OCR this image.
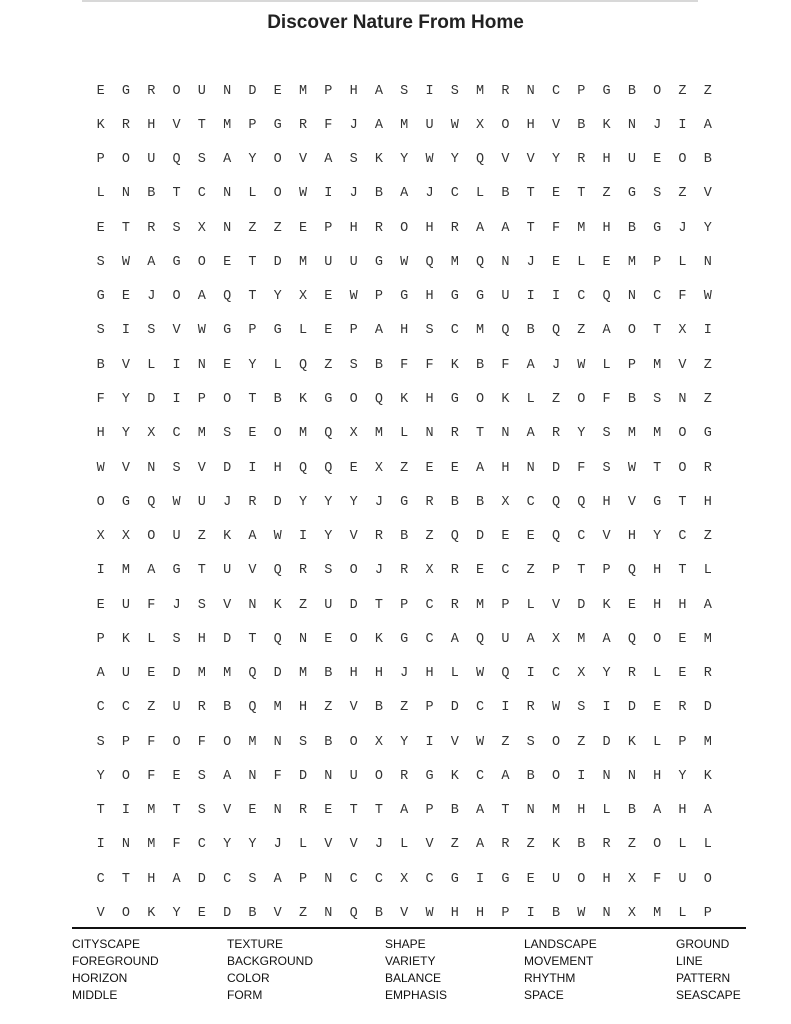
Discover Nature From Home
E	G	R	O	U	N	D	E	M	P	H	A	S	I	S	M	R	N	C	P	G	B	O	Z	Z
K	R	H	V	T	M	P	G	R	F	J	A	M	U	W	X	O	H	V	B	K	N	J	I	A
P	O	U	Q	S	A	Y	O	V	A	S	K	Y	W	Y	Q	V	V	Y	R	H	U	E	O	B
L	N	B	T	C	N	L	O	W	I	J	B	A	J	C	L	B	T	E	T	Z	G	S	Z	V
E	T	R	S	X	N	Z	Z	E	P	H	R	O	H	R	A	A	T	F	M	H	B	G	J	Y
S	W	A	G	O	E	T	D	M	U	U	G	W	Q	M	Q	N	J	E	L	E	M	P	L	N
G	E	J	O	A	Q	T	Y	X	E	W	P	G	H	G	G	U	I	I	C	Q	N	C	F	W
S	I	S	V	W	G	P	G	L	E	P	A	H	S	C	M	Q	B	Q	Z	A	O	T	X	I
B	V	L	I	N	E	Y	L	Q	Z	S	B	F	F	K	B	F	A	J	W	L	P	M	V	Z
F	Y	D	I	P	O	T	B	K	G	O	Q	K	H	G	O	K	L	Z	O	F	B	S	N	Z
H	Y	X	C	M	S	E	O	M	Q	X	M	L	N	R	T	N	A	R	Y	S	M	M	O	G
W	V	N	S	V	D	I	H	Q	Q	E	X	Z	E	E	A	H	N	D	F	S	W	T	O	R
O	G	Q	W	U	J	R	D	Y	Y	Y	J	G	R	B	B	X	C	Q	Q	H	V	G	T	H
X	X	O	U	Z	K	A	W	I	Y	V	R	B	Z	Q	D	E	E	Q	C	V	H	Y	C	Z
I	M	A	G	T	U	V	Q	R	S	O	J	R	X	R	E	C	Z	P	T	P	Q	H	T	L
E	U	F	J	S	V	N	K	Z	U	D	T	P	C	R	M	P	L	V	D	K	E	H	H	A
P	K	L	S	H	D	T	Q	N	E	O	K	G	C	A	Q	U	A	X	M	A	Q	O	E	M
A	U	E	D	M	M	Q	D	M	B	H	H	J	H	L	W	Q	I	C	X	Y	R	L	E	R
C	C	Z	U	R	B	Q	M	H	Z	V	B	Z	P	D	C	I	R	W	S	I	D	E	R	D
S	P	F	O	F	O	M	N	S	B	O	X	Y	I	V	W	Z	S	O	Z	D	K	L	P	M
Y	O	F	E	S	A	N	F	D	N	U	O	R	G	K	C	A	B	O	I	N	N	H	Y	K
T	I	M	T	S	V	E	N	R	E	T	T	A	P	B	A	T	N	M	H	L	B	A	H	A
I	N	M	F	C	Y	Y	J	L	V	V	J	L	V	Z	A	R	Z	K	B	R	Z	O	L	L
C	T	H	A	D	C	S	A	P	N	C	C	X	C	G	I	G	E	U	O	H	X	F	U	O
V	O	K	Y	E	D	B	V	Z	N	Q	B	V	W	H	H	P	I	B	W	N	X	M	L	P
CITYSCAPE
FOREGROUND
HORIZON
MIDDLE
TEXTURE
BACKGROUND
COLOR
FORM
SHAPE
VARIETY
BALANCE
EMPHASIS
LANDSCAPE
MOVEMENT
RHYTHM
SPACE
GROUND
LINE
PATTERN
SEASCAPE
